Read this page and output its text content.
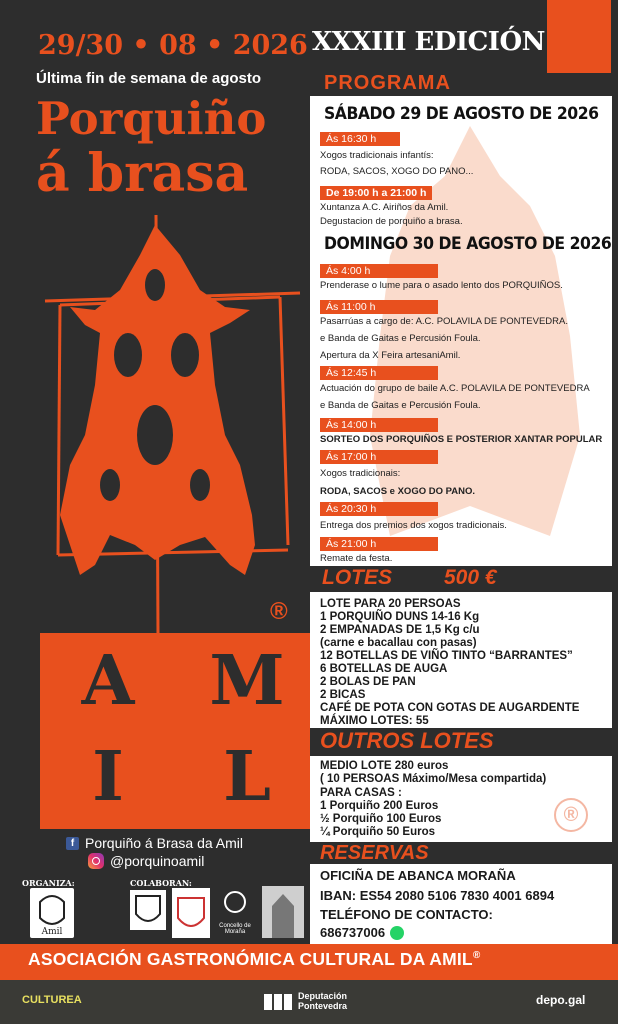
29/30 • 08 • 2026
Última fin de semana de agosto
Porquiño
á brasa
XXXIII EDICIÓN
PROGRAMA
A	M
I	L
®
f Porquiño á Brasa da Amil
@porquinoamil
ORGANIZA:	COLABORAN:
Amil
Concello de Moraña
SÁBADO 29 DE AGOSTO DE 2026
Ás 16:30 h
Xogos tradicionais infantís:
RODA, SACOS, XOGO DO PANO...
De 19:00 h a 21:00 h
Xuntanza A.C. Airiños da Amil.
Degustacion de porquiño a brasa.
DOMINGO 30 DE AGOSTO DE 2026
Ás 4:00 h
Prenderase o lume para o asado lento dos PORQUIÑOS.
Ás 11:00 h
Pasarrúas a cargo de: A.C. POLAVILA DE PONTEVEDRA.
e Banda de Gaitas e Percusión Foula.
Apertura da X Feira artesaniAmil.
Ás 12:45 h
Actuación do grupo de baile A.C. POLAVILA DE PONTEVEDRA
e Banda de Gaitas e Percusión Foula.
Ás 14:00 h
SORTEO DOS PORQUIÑOS E POSTERIOR XANTAR POPULAR
Ás 17:00 h
Xogos tradicionais:
RODA, SACOS e XOGO DO PANO.
Ás 20:30 h
Entrega dos premios dos xogos tradicionais.
Ás 21:00 h
Remate da festa.
LOTES 500 €
LOTE PARA 20 PERSOAS
1 PORQUIÑO DUNS 14-16 Kg
2 EMPANADAS DE 1,5 Kg c/u
(carne e bacallau con pasas)
12 BOTELLAS DE VIÑO TINTO “BARRANTES”
6 BOTELLAS DE AUGA
2 BOLAS DE PAN
2 BICAS
CAFÉ DE POTA CON GOTAS DE AUGARDENTE
MÁXIMO LOTES: 55
OUTROS LOTES
MEDIO LOTE 280 euros
( 10 PERSOAS Máximo/Mesa compartida)
PARA CASAS :
1 Porquiño 200 Euros
½ Porquiño 100 Euros
¼ Porquiño 50 Euros
®
RESERVAS
OFICIÑA DE ABANCA MORAÑA
IBAN: ES54 2080 5106 7830 4001 6894
TELÉFONO DE CONTACTO:
686737006
ASOCIACIÓN GASTRONÓMICA CULTURAL DA AMIL®
CULTUREA	Deputación
Pontevedra	depo.gal
